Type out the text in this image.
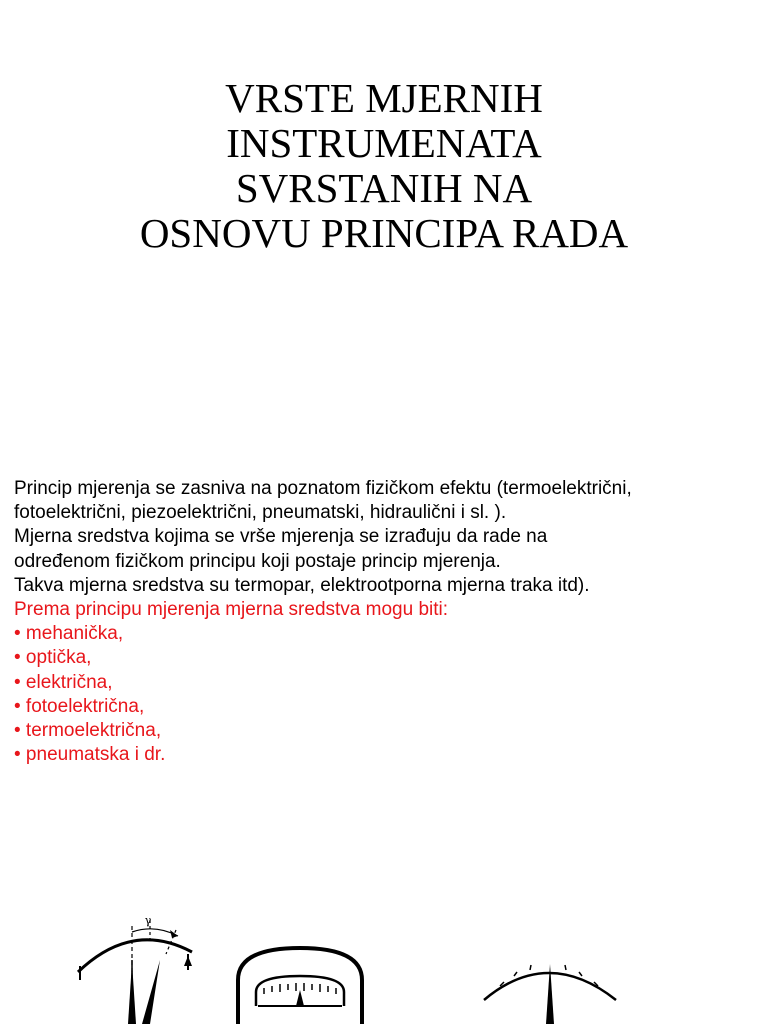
VRSTE MJERNIH
INSTRUMENATA
SVRSTANIH NA
OSNOVU PRINCIPA RADA

Princip mjerenja se zasniva na poznatom fizičkom efektu (termoelektrični,

fotoelektrični, piezoelektrični, pneumatski, hidraulični i sl. ).

Mjerna sredstva kojima se vrše mjerenja se izrađuju da rade na

određenom fizičkom principu koji postaje princip mjerenja.

Takva mjerna sredstva su termopar, elektrootporna mjerna traka itd).

Prema principu mjerenja mjerna sredstva mogu biti:

• mehanička,

• optička,

• električna,

• fotoelektrična,

• termoelektrična,

• pneumatska i dr.

γ
